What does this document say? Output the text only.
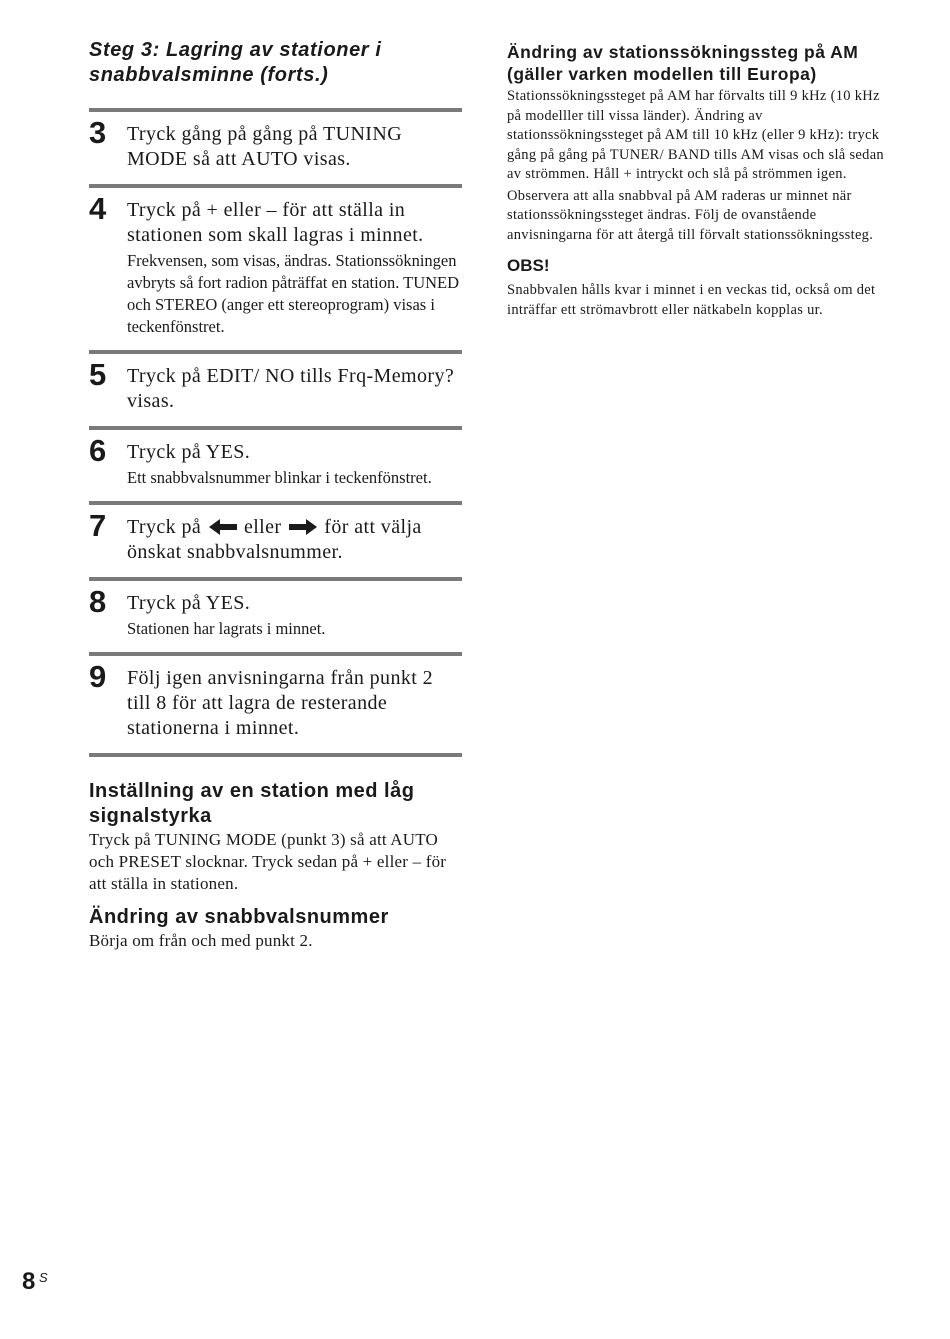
Steg 3: Lagring av stationer i snabbvalsminne (forts.)
3 Tryck gång på gång på TUNING MODE så att AUTO visas.
4 Tryck på + eller – för att ställa in stationen som skall lagras i minnet.
Frekvensen, som visas, ändras. Stationssökningen avbryts så fort radion påträffat en station. TUNED och STEREO (anger ett stereoprogram) visas i teckenfönstret.
5 Tryck på EDIT/ NO tills Frq-Memory? visas.
6 Tryck på YES.
Ett snabbvalsnummer blinkar i teckenfönstret.
7 Tryck på eller för att välja önskat snabbvalsnummer.
8 Tryck på YES.
Stationen har lagrats i minnet.
9 Följ igen anvisningarna från punkt 2 till 8 för att lagra de resterande stationerna i minnet.
Inställning av en station med låg signalstyrka
Tryck på TUNING MODE (punkt 3) så att AUTO och PRESET slocknar. Tryck sedan på + eller – för att ställa in stationen.
Ändring av snabbvalsnummer
Börja om från och med punkt 2.
Ändring av stationssökningssteg på AM (gäller varken modellen till Europa)
Stationssökningssteget på AM har förvalts till 9 kHz (10 kHz på modelller till vissa länder). Ändring av stationssökningssteget på AM till 10 kHz (eller 9 kHz): tryck gång på gång på TUNER/ BAND tills AM visas och slå sedan av strömmen. Håll + intryckt och slå på strömmen igen.
Observera att alla snabbval på AM raderas ur minnet när stationssökningssteget ändras. Följ de ovanstående anvisningarna för att återgå till förvalt stationssökningssteg.
OBS!
Snabbvalen hålls kvar i minnet i en veckas tid, också om det inträffar ett strömavbrott eller nätkabeln kopplas ur.
8 S
